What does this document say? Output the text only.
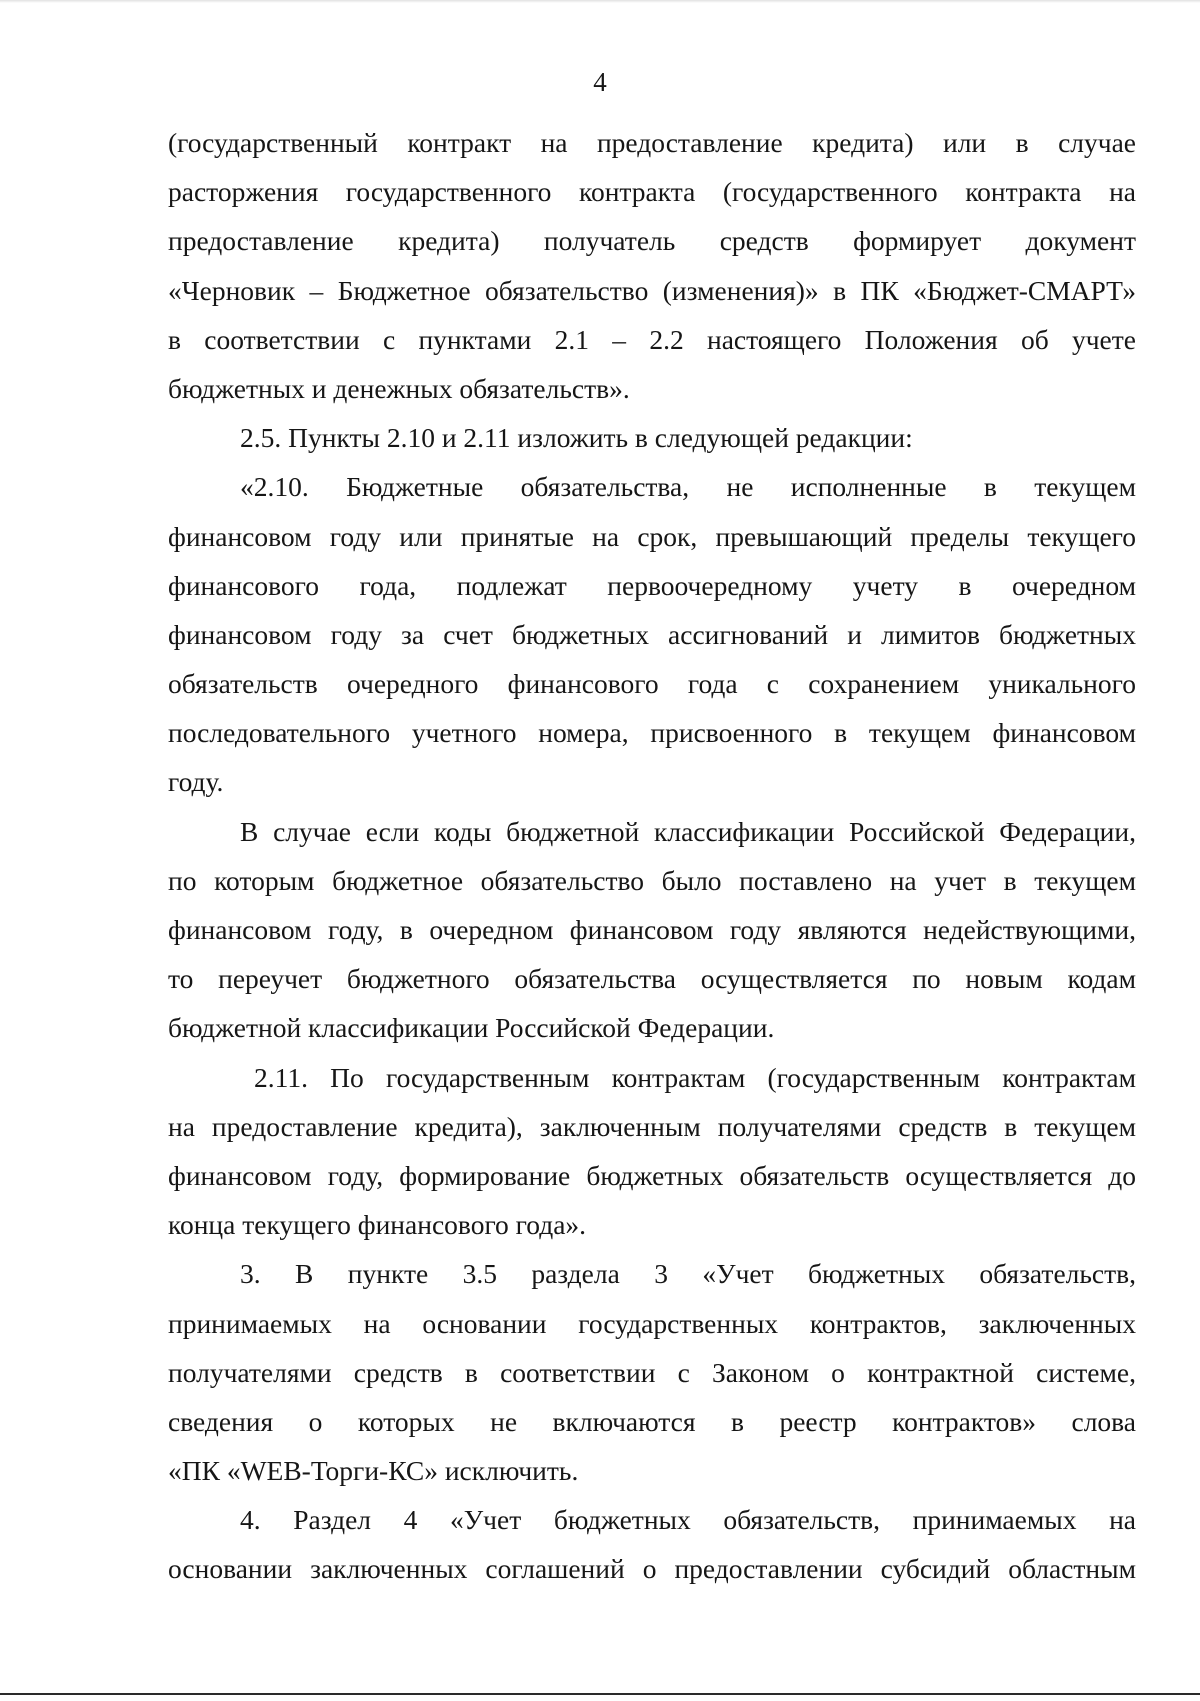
4
(государственный контракт на предоставление кредита) или в случае
расторжения государственного контракта (государственного контракта на
предоставление кредита) получатель средств формирует документ
«Черновик – Бюджетное обязательство (изменения)» в ПК «Бюджет-СМАРТ»
в соответствии с пунктами 2.1 – 2.2 настоящего Положения об учете
бюджетных и денежных обязательств».
2.5. Пункты 2.10 и 2.11 изложить в следующей редакции:
«2.10. Бюджетные обязательства, не исполненные в текущем
финансовом году или принятые на срок, превышающий пределы текущего
финансового года, подлежат первоочередному учету в очередном
финансовом году за счет бюджетных ассигнований и лимитов бюджетных
обязательств очередного финансового года с сохранением уникального
последовательного учетного номера, присвоенного в текущем финансовом
году.
В случае если коды бюджетной классификации Российской Федерации,
по которым бюджетное обязательство было поставлено на учет в текущем
финансовом году, в очередном финансовом году являются недействующими,
то переучет бюджетного обязательства осуществляется по новым кодам
бюджетной классификации Российской Федерации.
2.11. По государственным контрактам (государственным контрактам
на предоставление кредита), заключенным получателями средств в текущем
финансовом году, формирование бюджетных обязательств осуществляется до
конца текущего финансового года».
3. В пункте 3.5 раздела 3 «Учет бюджетных обязательств,
принимаемых на основании государственных контрактов, заключенных
получателями средств в соответствии с Законом о контрактной системе,
сведения о которых не включаются в реестр контрактов» слова
«ПК «WEB-Торги-КС» исключить.
4. Раздел 4 «Учет бюджетных обязательств, принимаемых на
основании заключенных соглашений о предоставлении субсидий областным
